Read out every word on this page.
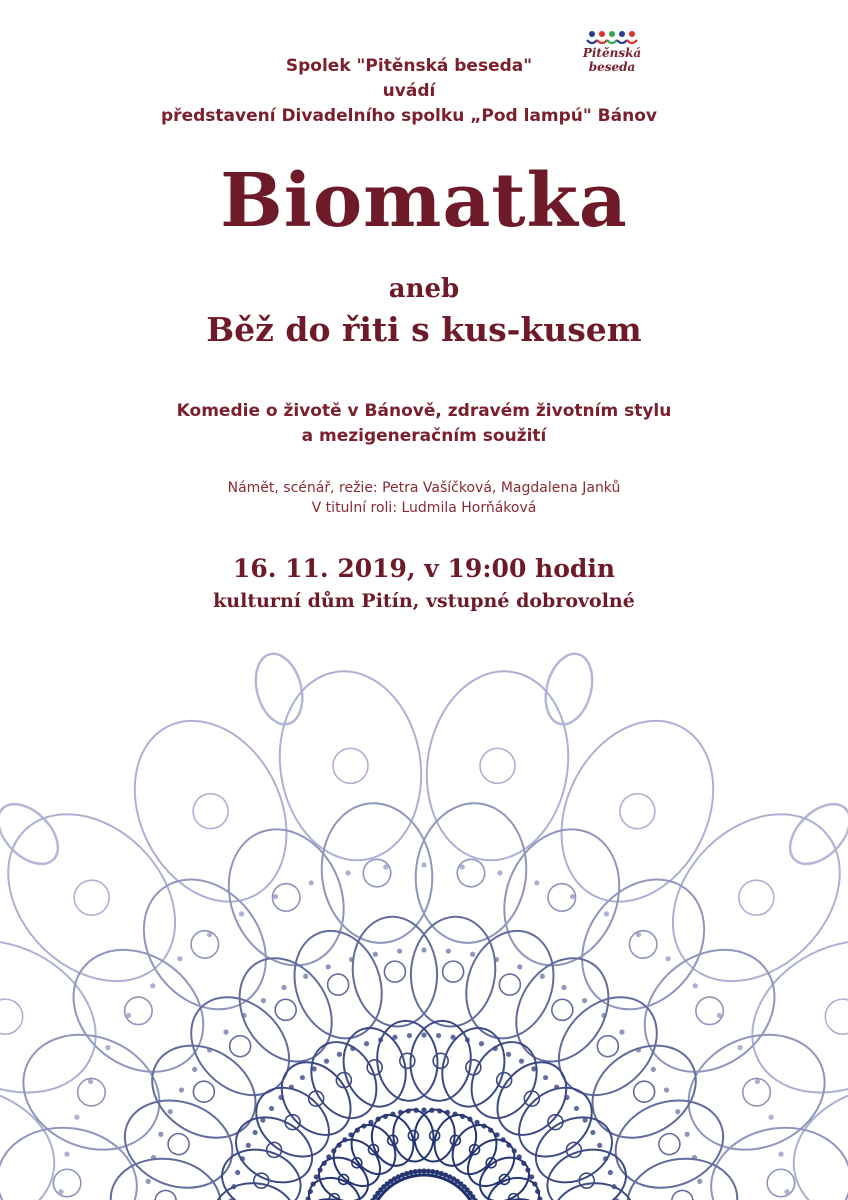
Spolek "Pitěnská beseda"
uvádí
představení Divadelního spolku „Pod lampú" Bánov
Pitěnská
beseda
Biomatka
aneb
Běž do řiti s kus-kusem
Komedie o životě v Bánově, zdravém životním stylu
a mezigeneračním soužití
Námět, scénář, režie: Petra Vašíčková, Magdalena Janků
V titulní roli: Ludmila Horňáková
16. 11. 2019, v 19:00 hodin
kulturní dům Pitín, vstupné dobrovolné
